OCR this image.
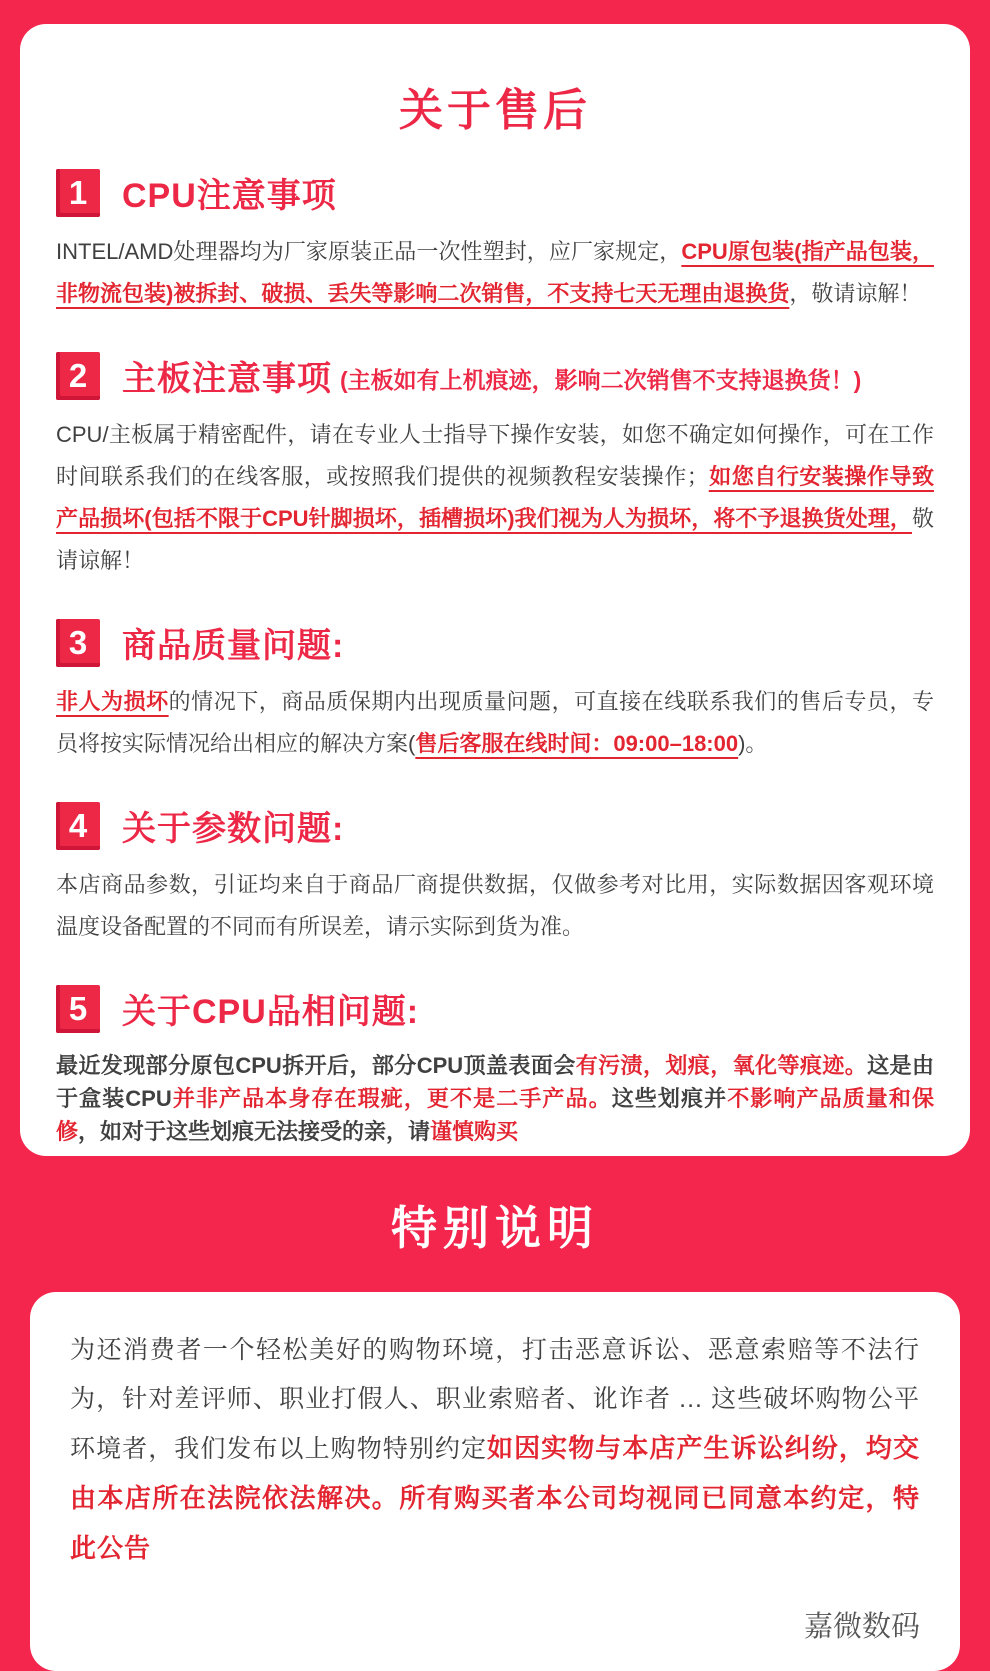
关于售后
1	CPU注意事项

INTEL/AMD处理器均为厂家原装正品一次性塑封，应厂家规定，CPU原包装(指产品包装，非物流包装)被拆封、破损、丢失等影响二次销售，不支持七天无理由退换货，敬请谅解！

2	主板注意事项 (主板如有上机痕迹，影响二次销售不支持退换货！)

CPU/主板属于精密配件，请在专业人士指导下操作安装，如您不确定如何操作，可在工作时间联系我们的在线客服，或按照我们提供的视频教程安装操作；如您自行安装操作导致产品损坏(包括不限于CPU针脚损坏，插槽损坏)我们视为人为损坏，将不予退换货处理，敬请谅解！

3	商品质量问题:

非人为损坏的情况下，商品质保期内出现质量问题，可直接在线联系我们的售后专员，专员将按实际情况给出相应的解决方案(售后客服在线时间：09:00–18:00)。

4	关于参数问题:

本店商品参数，引证均来自于商品厂商提供数据，仅做参考对比用，实际数据因客观环境温度设备配置的不同而有所误差，请示实际到货为准。

5	关于CPU品相问题:

最近发现部分原包CPU拆开后，部分CPU顶盖表面会有污渍，划痕，氧化等痕迹。这是由于盒装CPU并非产品本身存在瑕疵，更不是二手产品。这些划痕并不影响产品质量和保修，如对于这些划痕无法接受的亲，请谨慎购买

特别说明

为还消费者一个轻松美好的购物环境，打击恶意诉讼、恶意索赔等不法行为，针对差评师、职业打假人、职业索赔者、讹诈者 ... 这些破坏购物公平环境者，我们发布以上购物特别约定如因实物与本店产生诉讼纠纷，均交由本店所在法院依法解决。所有购买者本公司均视同已同意本约定，特此公告

嘉微数码
